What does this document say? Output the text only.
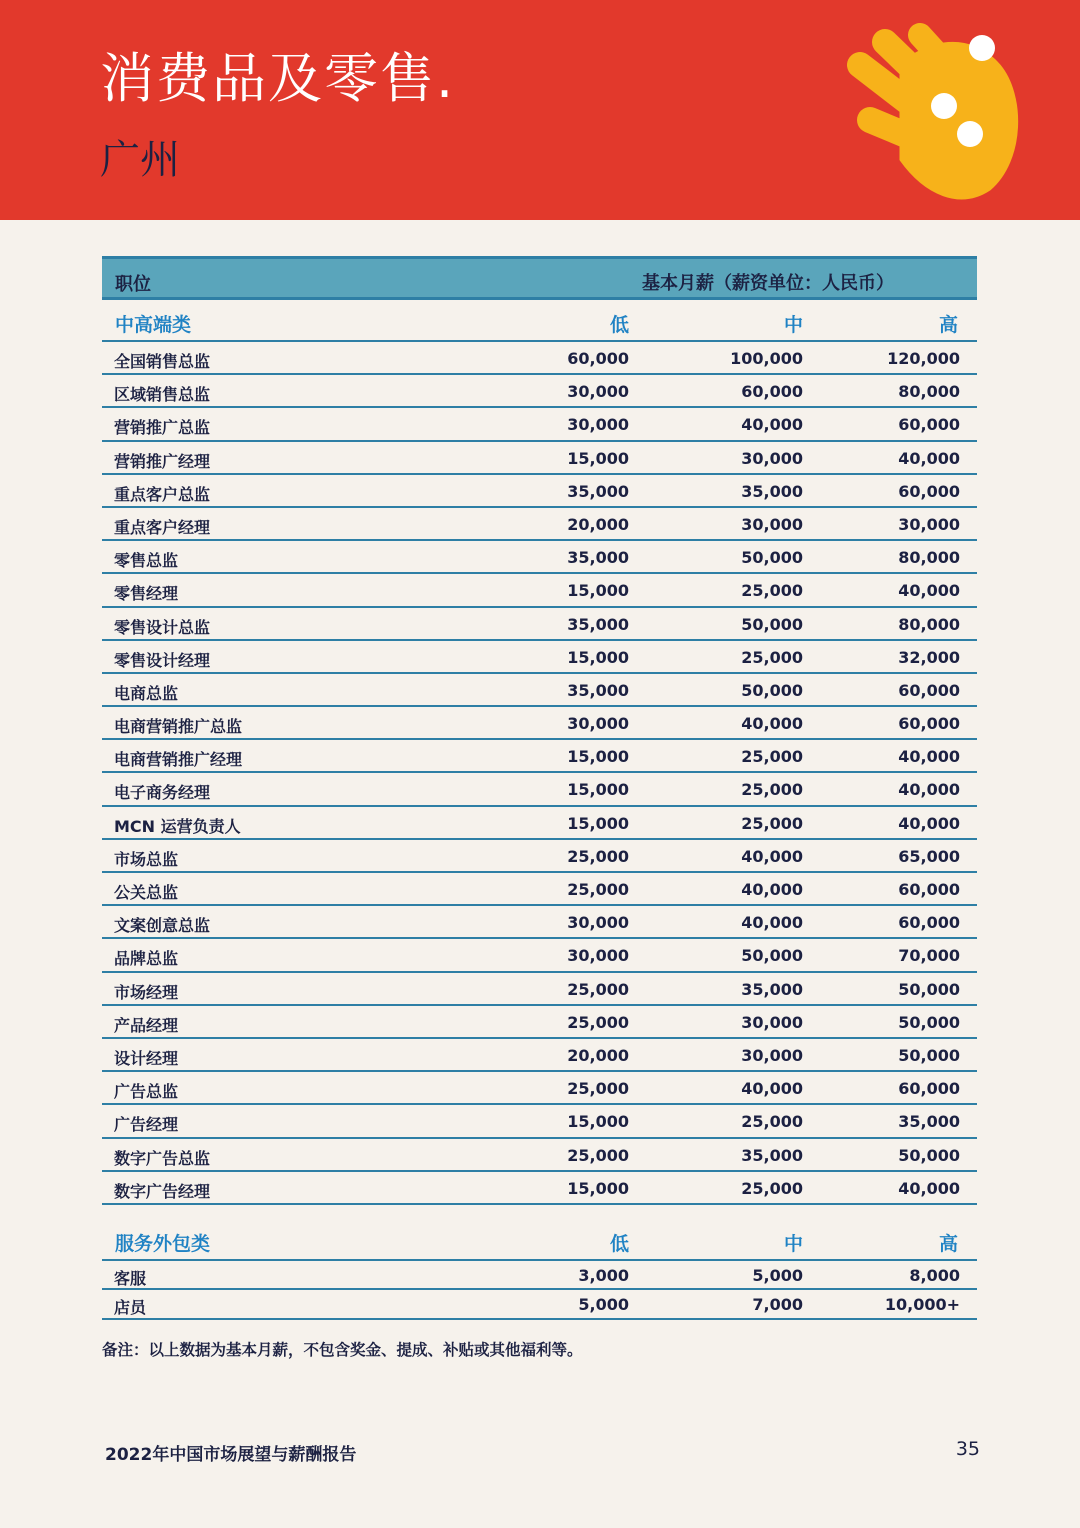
消费品及零售.
广州
职位	基本月薪（薪资单位：人民币）
中高端类	低	中	高
全国销售总监	60,000	100,000	120,000
区域销售总监	30,000	60,000	80,000
营销推广总监	30,000	40,000	60,000
营销推广经理	15,000	30,000	40,000
重点客户总监	35,000	35,000	60,000
重点客户经理	20,000	30,000	30,000
零售总监	35,000	50,000	80,000
零售经理	15,000	25,000	40,000
零售设计总监	35,000	50,000	80,000
零售设计经理	15,000	25,000	32,000
电商总监	35,000	50,000	60,000
电商营销推广总监	30,000	40,000	60,000
电商营销推广经理	15,000	25,000	40,000
电子商务经理	15,000	25,000	40,000
MCN 运营负责人	15,000	25,000	40,000
市场总监	25,000	40,000	65,000
公关总监	25,000	40,000	60,000
文案创意总监	30,000	40,000	60,000
品牌总监	30,000	50,000	70,000
市场经理	25,000	35,000	50,000
产品经理	25,000	30,000	50,000
设计经理	20,000	30,000	50,000
广告总监	25,000	40,000	60,000
广告经理	15,000	25,000	35,000
数字广告总监	25,000	35,000	50,000
数字广告经理	15,000	25,000	40,000
服务外包类	低	中	高
客服	3,000	5,000	8,000
店员	5,000	7,000	10,000+
备注：以上数据为基本月薪，不包含奖金、提成、补贴或其他福利等。
2022年中国市场展望与薪酬报告	35
